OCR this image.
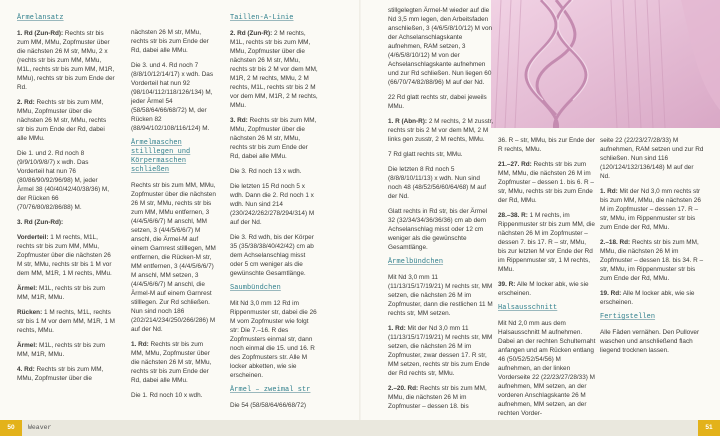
Ärmelansatz

1. Rd (Zun-Rd): Rechts str bis zum MM, MMu, Zopfmuster über die nächsten 26 M str, MMu, 2 x (rechts str bis zum MM, MMu, M1L, rechts str bis zum MM, M1R, MMu), rechts str bis zum Ende der Rd.

2. Rd: Rechts str bis zum MM, MMu, Zopfmuster über die nächsten 26 M str, MMu, rechts str bis zum Ende der Rd, dabei alle MMu.

Die 1. und 2. Rd noch 8 (9/9/10/9/8/7) x wdh. Das Vorderteil hat nun 76 (80/86/90/92/96/98) M, jeder Ärmel 38 (40/40/42/40/38/36) M, der Rücken 66 (70/76/80/82/86/88) M.

3. Rd (Zun-Rd):

Vorderteil: 1 M rechts, M1L, rechts str bis zum MM, MMu, Zopfmuster über die nächsten 26 M str, MMu, rechts str bis 1 M vor dem MM, M1R, 1 M rechts, MMu.

Ärmel: M1L, rechts str bis zum MM, M1R, MMu.

Rücken: 1 M rechts, M1L, rechts str bis 1 M vor dem MM, M1R, 1 M rechts, MMu.

Ärmel: M1L, rechts str bis zum MM, M1R, MMu.

4. Rd: Rechts str bis zum MM, MMu, Zopfmuster über die

nächsten 26 M str, MMu, rechts str bis zum Ende der Rd, dabei alle MMu.

Die 3. und 4. Rd noch 7 (8/8/10/12/14/17) x wdh. Das Vorderteil hat nun 92 (98/104/112/118/126/134) M, jeder Ärmel 54 (58/58/64/66/68/72) M, der Rücken 82 (88/94/102/108/116/124) M.

Ärmelmaschen stilllegen und Körpermaschen schließen

Rechts str bis zum MM, MMu, Zopfmuster über die nächsten 26 M str, MMu, rechts str bis zum MM, MMu entfernen, 3 (4/4/5/6/6/7) M anschl, MM setzen, 3 (4/4/5/6/6/7) M anschl, die Ärmel-M auf einem Garnrest stilllegen, MM entfernen, die Rücken-M str, MM entfernen, 3 (4/4/5/6/6/7) M anschl, MM setzen, 3 (4/4/5/6/6/7) M anschl, die Ärmel-M auf einem Garnrest stilllegen. Zur Rd schließen. Nun sind noch 186 (202/214/234/250/266/286) M auf der Nd.

1. Rd: Rechts str bis zum MM, MMu, Zopfmuster über die nächsten 26 M str, MMu, rechts str bis zum Ende der Rd, dabei alle MMu.

Die 1. Rd noch 10 x wdh.

Taillen-A-Linie

2. Rd (Zun-R): 2 M rechts, M1L, rechts str bis zum MM, MMu, Zopfmuster über die nächsten 26 M str, MMu, rechts str bis 2 M vor dem MM, M1R, 2 M rechts, MMu, 2 M rechts, M1L, rechts str bis 2 M vor dem MM, M1R, 2 M rechts, MMu.

3. Rd: Rechts str bis zum MM, MMu, Zopfmuster über die nächsten 26 M str, MMu, rechts str bis zum Ende der Rd, dabei alle MMu.

Die 3. Rd noch 13 x wdh.

Die letzten 15 Rd noch 5 x wdh. Dann die 2. Rd noch 1 x wdh. Nun sind 214 (230/242/262/278/294/314) M auf der Nd.

Die 3. Rd wdh, bis der Körper 35 (35/38/38/40/42/42) cm ab dem Achselanschlag misst oder 5 cm weniger als die gewünschte Gesamtlänge.

Saumbündchen

Mit Nd 3,0 mm 12 Rd im Rippenmuster str, dabei die 26 M vom Zopfmuster wie folgt str: Die 7.–16. R des Zopfmusters einmal str, dann noch einmal die 15. und 16. R des Zopfmusters str. Alle M locker abketten, wie sie erscheinen.

Ärmel – zweimal str

Die 54 (58/58/64/66/68/72)

stillgelegten Ärmel-M wieder auf die Nd 3,5 mm legen, den Arbeitsfaden anschließen, 3 (4/6/5/8/10/12) M von der Achselanschlagskante aufnehmen, RAM setzen, 3 (4/6/5/8/10/12) M von der Achselanschlagskante aufnehmen und zur Rd schließen. Nun liegen 60 (66/70/74/82/88/96) M auf der Nd.

22 Rd glatt rechts str, dabei jeweils MMu.

1. R (Abn-R): 2 M rechts, 2 M zusstr, rechts str bis 2 M vor dem MM, 2 M links gen zusstr, 2 M rechts, MMu.

7 Rd glatt rechts str, MMu.

Die letzten 8 Rd noch 5 (8/8/8/10/11/13) x wdh. Nun sind noch 48 (48/52/56/60/64/68) M auf der Nd.

Glatt rechts in Rd str, bis der Ärmel 32 (32/34/34/36/36/36) cm ab dem Achselanschlag misst oder 12 cm weniger als die gewünschte Gesamtlänge.

Ärmelbündchen

Mit Nd 3,0 mm 11 (11/13/15/17/19/21) M rechts str, MM setzen, die nächsten 26 M im Zopfmuster, dann die restlichen 11 M rechts str, MM setzen.

1. Rd: Mit der Nd 3,0 mm 11 (11/13/15/17/19/21) M rechts str, MM setzen, die nächsten 26 M im Zopfmuster, zwar dessen 17. R str, MM setzen, rechts str bis zum Ende der Rd rechts str, MMu.

2.–20. Rd: Rechts str bis zum MM, MMu, die nächsten 26 M im Zopfmuster – dessen 18. bis

36. R – str, MMu, bis zur Ende der R rechts, MMu.

21.–27. Rd: Rechts str bis zum MM, MMu, die nächsten 26 M im Zopfmuster – dessen 1. bis 6. R – str, MMu, rechts str bis zum Ende der Rd, MMu.

28.–38. R: 1 M rechts, im Rippenmuster str bis zum MM, die nächsten 26 M im Zopfmuster – dessen 7. bis 17. R – str, MMu, bis zur letzten M vor Ende der Rd im Rippenmuster str, 1 M rechts, MMu.

39. R: Alle M locker abk, wie sie erscheinen.

Halsausschnitt

Mit Nd 2,0 mm aus dem Halsausschnitt M aufnehmen. Dabei an der rechten Schulternaht anfangen und am Rücken entlang 46 (50/52/52/54/56) M aufnehmen, an der linken Vorderseite 22 (22/23/27/28/33) M aufnehmen, MM setzen, an der vorderen Anschlagskante 26 M aufnehmen, MM setzen, an der rechten Vorder-

seite 22 (22/23/27/28/33) M aufnehmen, RAM setzen und zur Rd schließen. Nun sind 116 (120/124/132/136/148) M auf der Nd.

1. Rd: Mit der Nd 3,0 mm rechts str bis zum MM, MMu, die nächsten 26 M im Zopfmuster – dessen 17. R – str, MMu, im Rippenmuster str bis zum Ende der Rd, MMu.

2.–18. Rd: Rechts str bis zum MM, MMu, die nächsten 26 M im Zopfmuster – dessen 18. bis 34. R – str, MMu, im Rippenmuster str bis zum Ende der Rd, MMu.

19. Rd: Alle M locker abk, wie sie erscheinen.

Fertigstellen

Alle Fäden vernähen. Den Pullover waschen und anschließend flach liegend trocknen lassen.

50	Weaver	51
